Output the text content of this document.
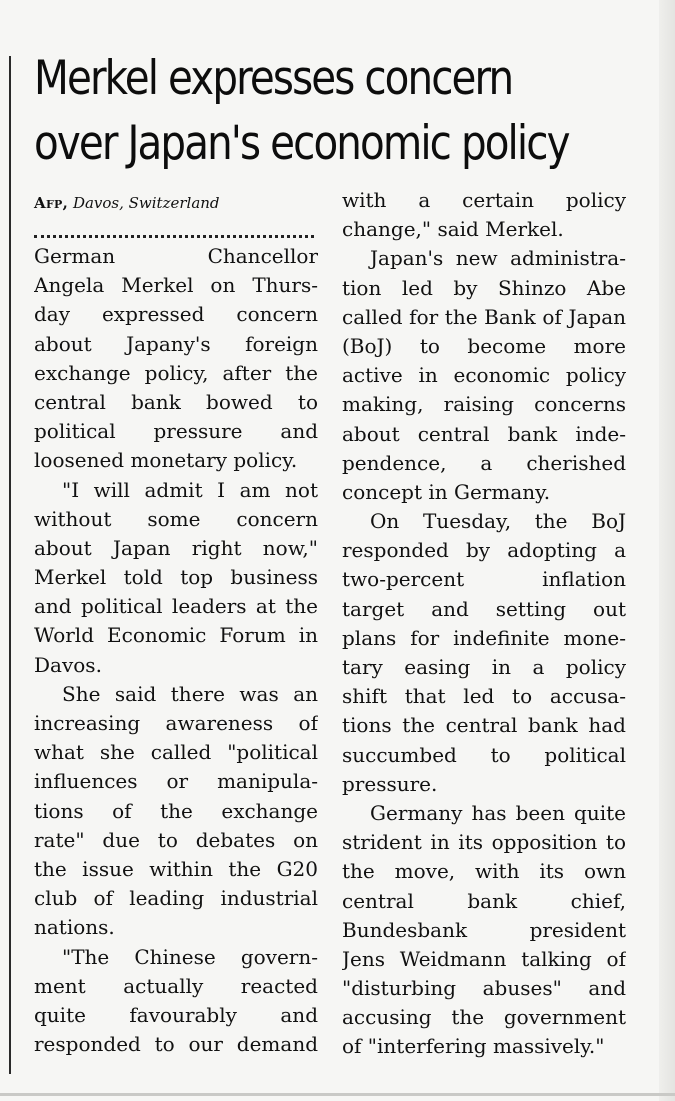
Merkel expresses concern
over Japan's economic policy
Afp, Davos, Switzerland
German Chancellor
Angela Merkel on Thurs-
day expressed concern
about Japany's foreign
exchange policy, after the
central bank bowed to
political pressure and
loosened monetary policy.
"I will admit I am not
without some concern
about Japan right now,"
Merkel told top business
and political leaders at the
World Economic Forum in
Davos.
She said there was an
increasing awareness of
what she called "political
influences or manipula-
tions of the exchange
rate" due to debates on
the issue within the G20
club of leading industrial
nations.
"The Chinese govern-
ment actually reacted
quite favourably and
responded to our demand
with a certain policy
change," said Merkel.
Japan's new administra-
tion led by Shinzo Abe
called for the Bank of Japan
(BoJ) to become more
active in economic policy
making, raising concerns
about central bank inde-
pendence, a cherished
concept in Germany.
On Tuesday, the BoJ
responded by adopting a
two-percent inflation
target and setting out
plans for indefinite mone-
tary easing in a policy
shift that led to accusa-
tions the central bank had
succumbed to political
pressure.
Germany has been quite
strident in its opposition to
the move, with its own
central bank chief,
Bundesbank president
Jens Weidmann talking of
"disturbing abuses" and
accusing the government
of "interfering massively."
